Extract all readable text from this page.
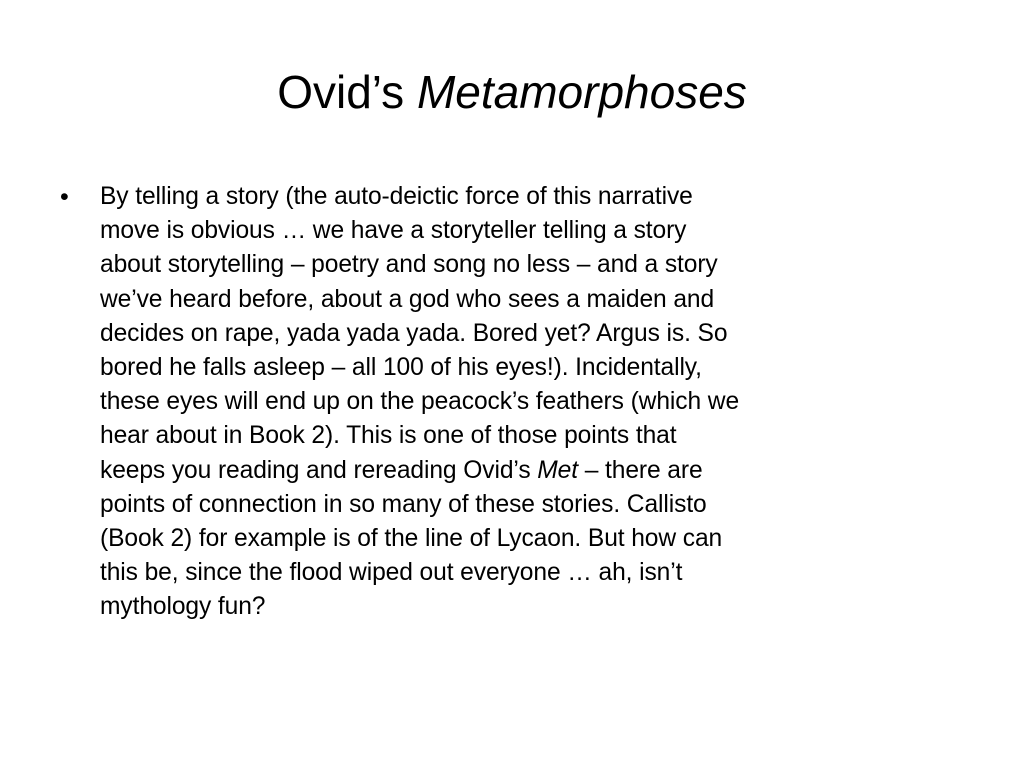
Ovid’s Metamorphoses
• By telling a story (the auto-deictic force of this narrative
move is obvious … we have a storyteller telling a story
about storytelling – poetry and song no less – and a story
we’ve heard before, about a god who sees a maiden and
decides on rape, yada yada yada. Bored yet? Argus is. So
bored he falls asleep – all 100 of his eyes!). Incidentally,
these eyes will end up on the peacock’s feathers (which we
hear about in Book 2). This is one of those points that
keeps you reading and rereading Ovid’s Met – there are
points of connection in so many of these stories. Callisto
(Book 2) for example is of the line of Lycaon. But how can
this be, since the flood wiped out everyone … ah, isn’t
mythology fun?
